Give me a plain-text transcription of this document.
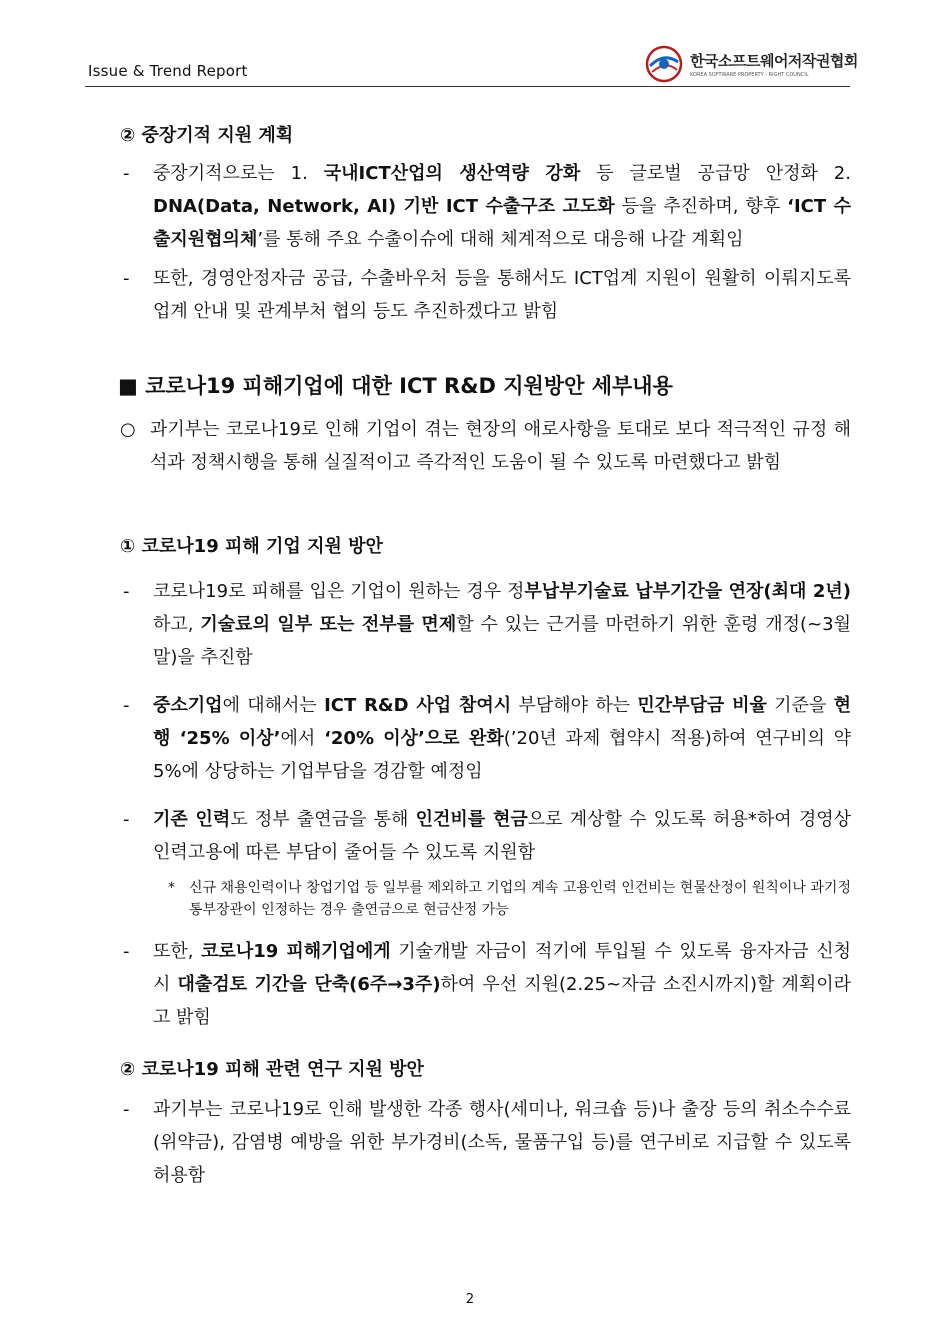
Issue & Trend Report
한국소프트웨어저작권협회
KOREA SOFTWARE PROPERTY - RIGHT COUNCIL
② 중장기적 지원 계획
- 중장기적으로는 1. 국내ICT산업의 생산역량 강화 등 글로벌 공급망 안정화 2. DNA(Data, Network, AI) 기반 ICT 수출구조 고도화 등을 추진하며, 향후 ‘ICT 수출지원협의체’를 통해 주요 수출이슈에 대해 체계적으로 대응해 나갈 계획임
- 또한, 경영안정자금 공급, 수출바우처 등을 통해서도 ICT업계 지원이 원활히 이뤄지도록 업계 안내 및 관계부처 협의 등도 추진하겠다고 밝힘
■ 코로나19 피해기업에 대한 ICT R&D 지원방안 세부내용
○ 과기부는 코로나19로 인해 기업이 겪는 현장의 애로사항을 토대로 보다 적극적인 규정 해석과 정책시행을 통해 실질적이고 즉각적인 도움이 될 수 있도록 마련했다고 밝힘
① 코로나19 피해 기업 지원 방안
- 코로나19로 피해를 입은 기업이 원하는 경우 정부납부기술료 납부기간을 연장(최대 2년)하고, 기술료의 일부 또는 전부를 면제할 수 있는 근거를 마련하기 위한 훈령 개정(~3월말)을 추진함
- 중소기업에 대해서는 ICT R&D 사업 참여시 부담해야 하는 민간부담금 비율 기준을 현행 ‘25% 이상’에서 ‘20% 이상’으로 완화(’20년 과제 협약시 적용)하여 연구비의 약 5%에 상당하는 기업부담을 경감할 예정임
- 기존 인력도 정부 출연금을 통해 인건비를 현금으로 계상할 수 있도록 허용*하여 경영상 인력고용에 따른 부담이 줄어들 수 있도록 지원함
* 신규 채용인력이나 창업기업 등 일부를 제외하고 기업의 계속 고용인력 인건비는 현물산정이 원칙이나 과기정통부장관이 인정하는 경우 출연금으로 현금산정 가능
- 또한, 코로나19 피해기업에게 기술개발 자금이 적기에 투입될 수 있도록 융자자금 신청 시 대출검토 기간을 단축(6주→3주)하여 우선 지원(2.25~자금 소진시까지)할 계획이라고 밝힘
② 코로나19 피해 관련 연구 지원 방안
- 과기부는 코로나19로 인해 발생한 각종 행사(세미나, 워크숍 등)나 출장 등의 취소수수료(위약금), 감염병 예방을 위한 부가경비(소독, 물품구입 등)를 연구비로 지급할 수 있도록 허용함
2
